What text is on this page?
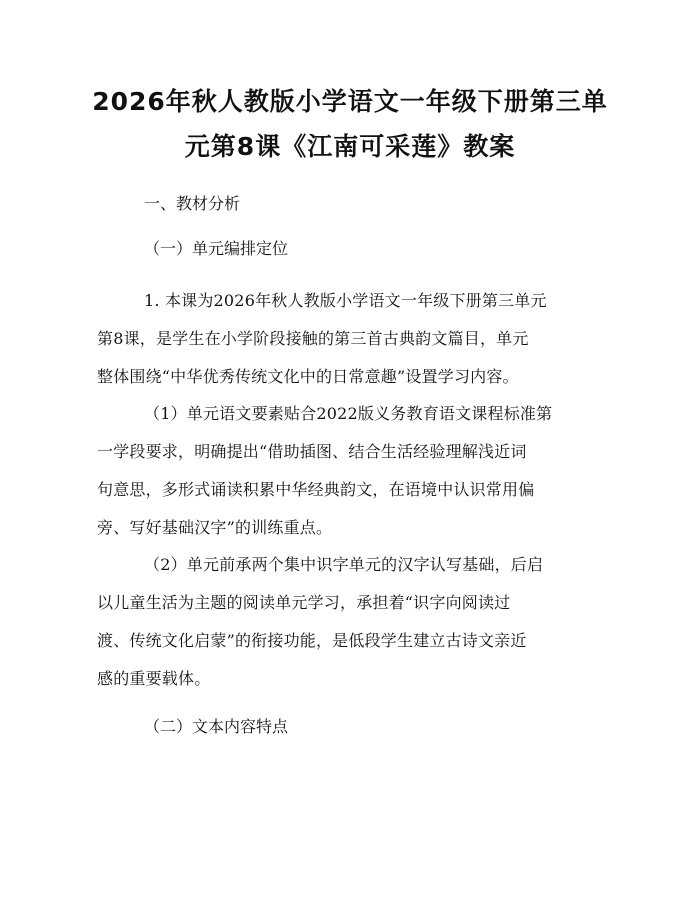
2026年秋人教版小学语文一年级下册第三单
元第8课《江南可采莲》教案

一、教材分析

（一）单元编排定位

1. 本课为2026年秋人教版小学语文一年级下册第三单元
第8课，是学生在小学阶段接触的第三首古典韵文篇目，单元
整体围绕“中华优秀传统文化中的日常意趣”设置学习内容。
（1）单元语文要素贴合2022版义务教育语文课程标准第
一学段要求，明确提出“借助插图、结合生活经验理解浅近词
句意思，多形式诵读积累中华经典韵文，在语境中认识常用偏
旁、写好基础汉字”的训练重点。
（2）单元前承两个集中识字单元的汉字认写基础，后启
以儿童生活为主题的阅读单元学习，承担着“识字向阅读过
渡、传统文化启蒙”的衔接功能，是低段学生建立古诗文亲近
感的重要载体。

（二）文本内容特点
